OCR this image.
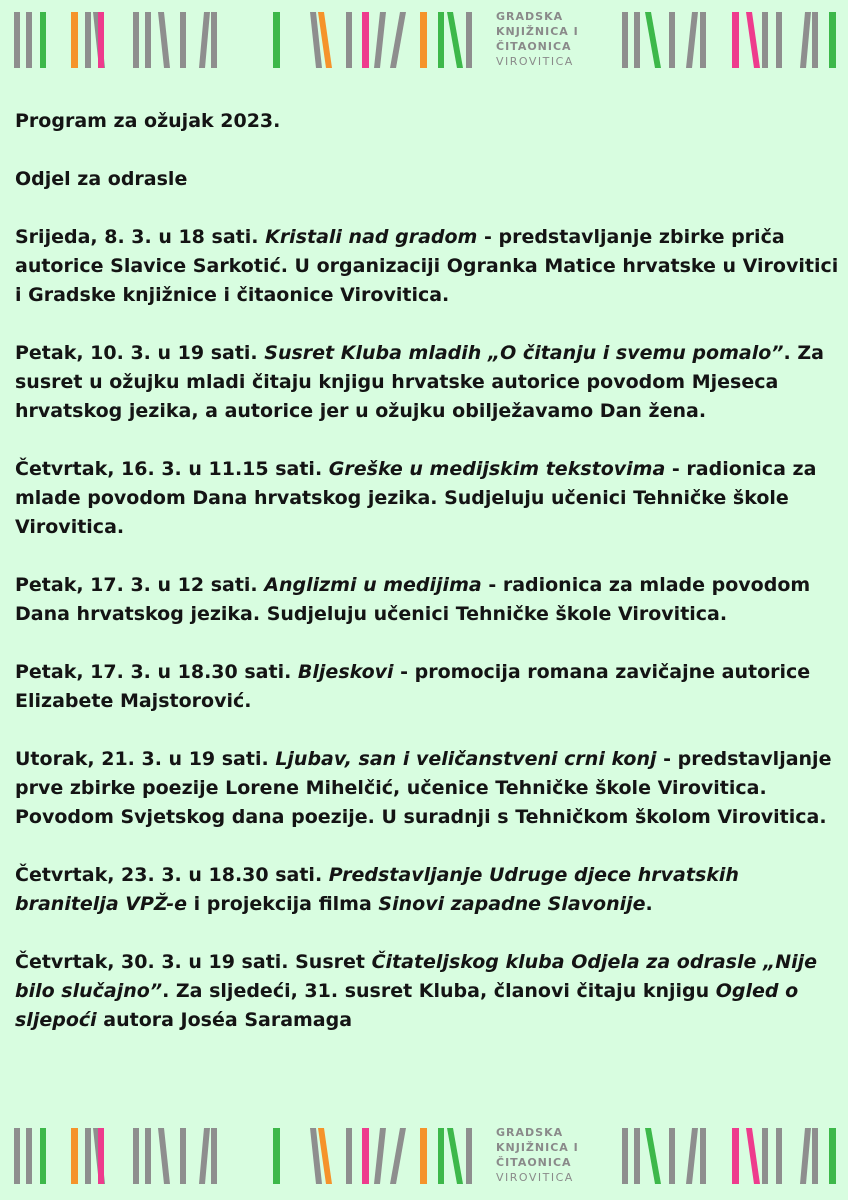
GRADSKA
KNJIŽNICA I
ČITAONICA
VIROVITICA

Program za ožujak 2023.

Odjel za odrasle

Srijeda, 8. 3. u 18 sati. Kristali nad gradom - predstavljanje zbirke priča autorice Slavice Sarkotić. U organizaciji Ogranka Matice hrvatske u Virovitici i Gradske knjižnice i čitaonice Virovitica.

Petak, 10. 3. u 19 sati. Susret Kluba mladih „O čitanju i svemu pomalo”. Za susret u ožujku mladi čitaju knjigu hrvatske autorice povodom Mjeseca hrvatskog jezika, a autorice jer u ožujku obilježavamo Dan žena.

Četvrtak, 16. 3. u 11.15 sati. Greške u medijskim tekstovima - radionica za mlade povodom Dana hrvatskog jezika. Sudjeluju učenici Tehničke škole Virovitica.

Petak, 17. 3. u 12 sati. Anglizmi u medijima - radionica za mlade povodom Dana hrvatskog jezika. Sudjeluju učenici Tehničke škole Virovitica.

Petak, 17. 3. u 18.30 sati. Bljeskovi - promocija romana zavičajne autorice Elizabete Majstorović.

Utorak, 21. 3. u 19 sati. Ljubav, san i veličanstveni crni konj - predstavljanje prve zbirke poezije Lorene Mihelčić, učenice Tehničke škole Virovitica. Povodom Svjetskog dana poezije. U suradnji s Tehničkom školom Virovitica.

Četvrtak, 23. 3. u 18.30 sati. Predstavljanje Udruge djece hrvatskih branitelja VPŽ-e i projekcija filma Sinovi zapadne Slavonije.

Četvrtak, 30. 3. u 19 sati. Susret Čitateljskog kluba Odjela za odrasle „Nije bilo slučajno”. Za sljedeći, 31. susret Kluba, članovi čitaju knjigu Ogled o sljepoći autora Joséa Saramaga

GRADSKA
KNJIŽNICA I
ČITAONICA
VIROVITICA
